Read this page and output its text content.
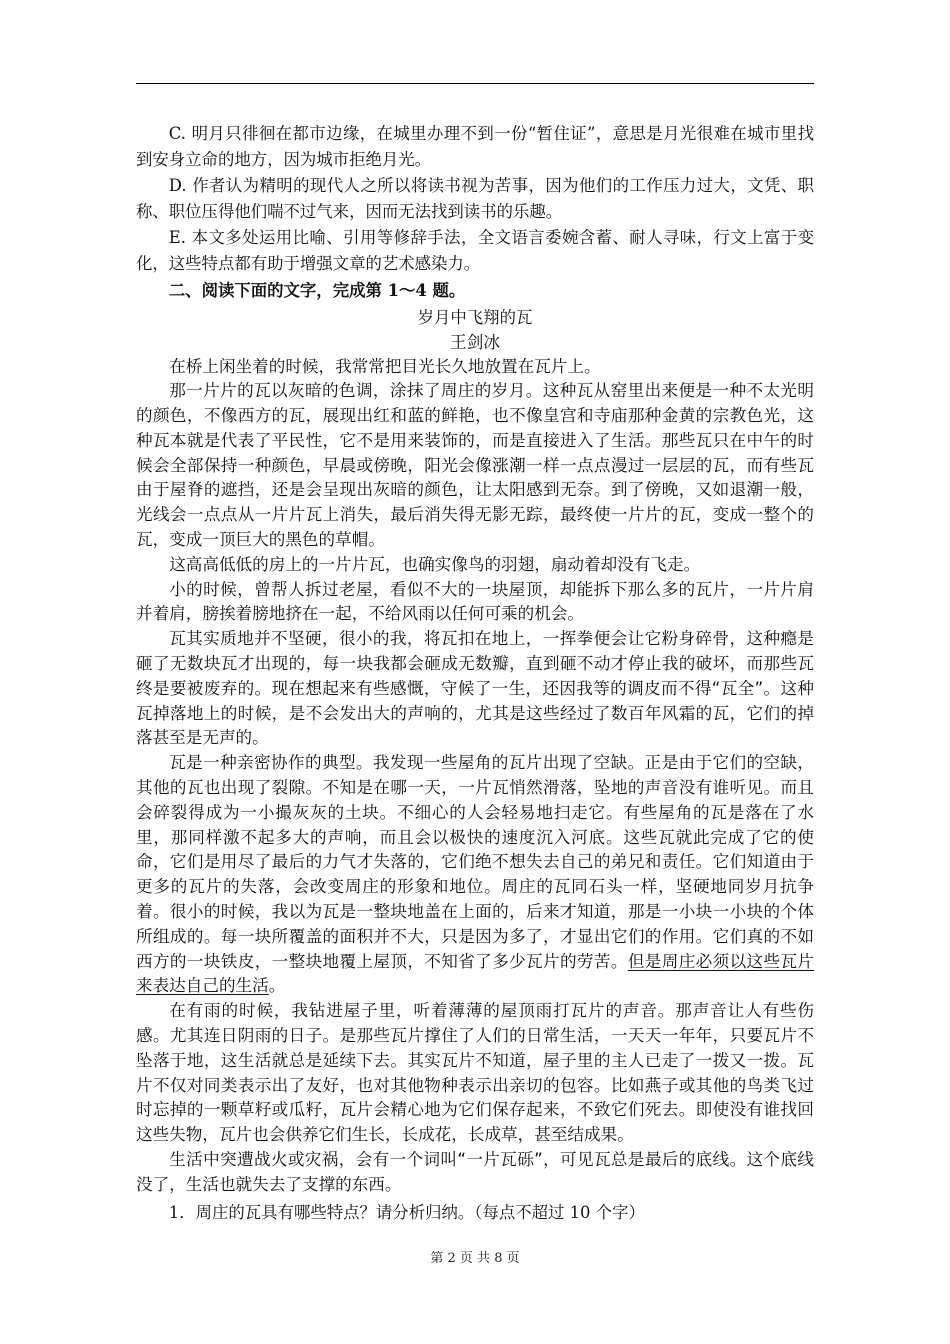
C. 明月只徘徊在都市边缘，在城里办理不到一份“暂住证”，意思是月光很难在城市里找到安身立命的地方，因为城市拒绝月光。

D. 作者认为精明的现代人之所以将读书视为苦事，因为他们的工作压力过大，文凭、职称、职位压得他们喘不过气来，因而无法找到读书的乐趣。

E. 本文多处运用比喻、引用等修辞手法，全文语言委婉含蓄、耐人寻味，行文上富于变化，这些特点都有助于增强文章的艺术感染力。

二、阅读下面的文字，完成第 1～4 题。

岁月中飞翔的瓦
王剑冰

在桥上闲坐着的时候，我常常把目光长久地放置在瓦片上。

那一片片的瓦以灰暗的色调，涂抹了周庄的岁月。这种瓦从窑里出来便是一种不太光明的颜色，不像西方的瓦，展现出红和蓝的鲜艳，也不像皇宫和寺庙那种金黄的宗教色光，这种瓦本就是代表了平民性，它不是用来装饰的，而是直接进入了生活。那些瓦只在中午的时候会全部保持一种颜色，早晨或傍晚，阳光会像涨潮一样一点点漫过一层层的瓦，而有些瓦由于屋脊的遮挡，还是会呈现出灰暗的颜色，让太阳感到无奈。到了傍晚，又如退潮一般，光线会一点点从一片片瓦上消失，最后消失得无影无踪，最终使一片片的瓦，变成一整个的瓦，变成一顶巨大的黑色的草帽。

这高高低低的房上的一片片瓦，也确实像鸟的羽翅，扇动着却没有飞走。

小的时候，曾帮人拆过老屋，看似不大的一块屋顶，却能拆下那么多的瓦片，一片片肩并着肩，膀挨着膀地挤在一起，不给风雨以任何可乘的机会。

瓦其实质地并不坚硬，很小的我，将瓦扣在地上，一挥拳便会让它粉身碎骨，这种瘾是砸了无数块瓦才出现的，每一块我都会砸成无数瓣，直到砸不动才停止我的破坏，而那些瓦终是要被废弃的。现在想起来有些感慨，守候了一生，还因我等的调皮而不得“瓦全”。这种瓦掉落地上的时候，是不会发出大的声响的，尤其是这些经过了数百年风霜的瓦，它们的掉落甚至是无声的。

瓦是一种亲密协作的典型。我发现一些屋角的瓦片出现了空缺。正是由于它们的空缺，其他的瓦也出现了裂隙。不知是在哪一天，一片瓦悄然滑落，坠地的声音没有谁听见。而且会碎裂得成为一小撮灰灰的土块。不细心的人会轻易地扫走它。有些屋角的瓦是落在了水里，那同样激不起多大的声响，而且会以极快的速度沉入河底。这些瓦就此完成了它的使命，它们是用尽了最后的力气才失落的，它们绝不想失去自己的弟兄和责任。它们知道由于更多的瓦片的失落，会改变周庄的形象和地位。周庄的瓦同石头一样，坚硬地同岁月抗争着。很小的时候，我以为瓦是一整块地盖在上面的，后来才知道，那是一小块一小块的个体所组成的。每一块所覆盖的面积并不大，只是因为多了，才显出它们的作用。它们真的不如西方的一块铁皮，一整块地覆上屋顶，不知省了多少瓦片的劳苦。但是周庄必须以这些瓦片来表达自己的生活。

在有雨的时候，我钻进屋子里，听着薄薄的屋顶雨打瓦片的声音。那声音让人有些伤感。尤其连日阴雨的日子。是那些瓦片撑住了人们的日常生活，一天天一年年，只要瓦片不坠落于地，这生活就总是延续下去。其实瓦片不知道，屋子里的主人已走了一拨又一拨。瓦片不仅对同类表示出了友好，也对其他物种表示出亲切的包容。比如燕子或其他的鸟类飞过时忘掉的一颗草籽或瓜籽，瓦片会精心地为它们保存起来，不致它们死去。即使没有谁找回这些失物，瓦片也会供养它们生长，长成花，长成草，甚至结成果。

生活中突遭战火或灾祸，会有一个词叫“一片瓦砾”，可见瓦总是最后的底线。这个底线没了，生活也就失去了支撑的东西。

1．周庄的瓦具有哪些特点？请分析归纳。（每点不超过 10 个字）

第 2 页 共 8 页
